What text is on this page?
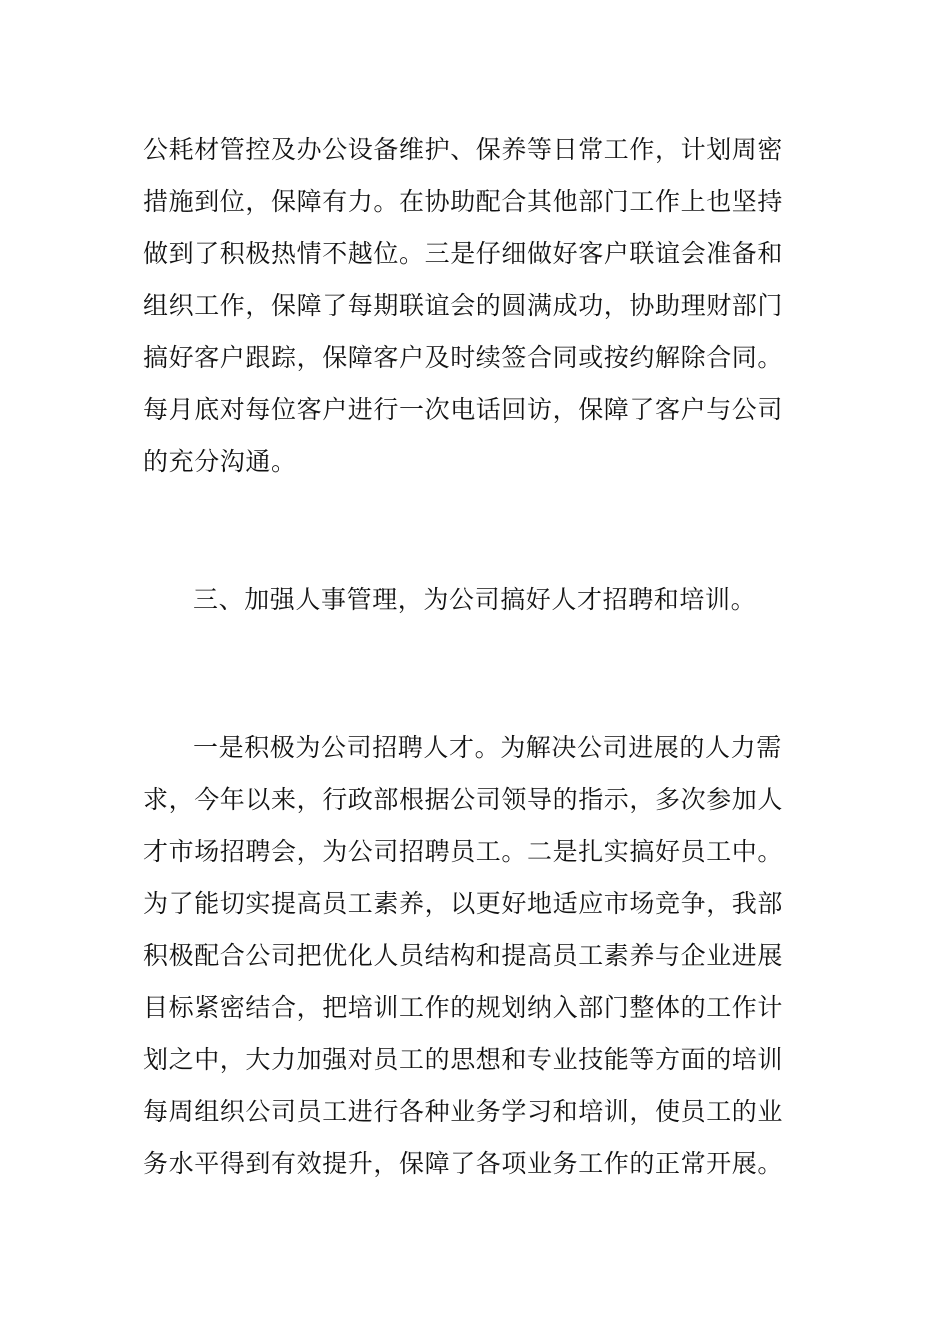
公耗材管控及办公设备维护、保养等日常工作，计划周密
措施到位，保障有力。在协助配合其他部门工作上也坚持
做到了积极热情不越位。三是仔细做好客户联谊会准备和
组织工作，保障了每期联谊会的圆满成功，协助理财部门
搞好客户跟踪，保障客户及时续签合同或按约解除合同。
每月底对每位客户进行一次电话回访，保障了客户与公司
的充分沟通。
三、加强人事管理，为公司搞好人才招聘和培训。
一是积极为公司招聘人才。为解决公司进展的人力需
求，今年以来，行政部根据公司领导的指示，多次参加人
才市场招聘会，为公司招聘员工。二是扎实搞好员工中。
为了能切实提高员工素养，以更好地适应市场竞争，我部
积极配合公司把优化人员结构和提高员工素养与企业进展
目标紧密结合，把培训工作的规划纳入部门整体的工作计
划之中，大力加强对员工的思想和专业技能等方面的培训
每周组织公司员工进行各种业务学习和培训，使员工的业
务水平得到有效提升，保障了各项业务工作的正常开展。
